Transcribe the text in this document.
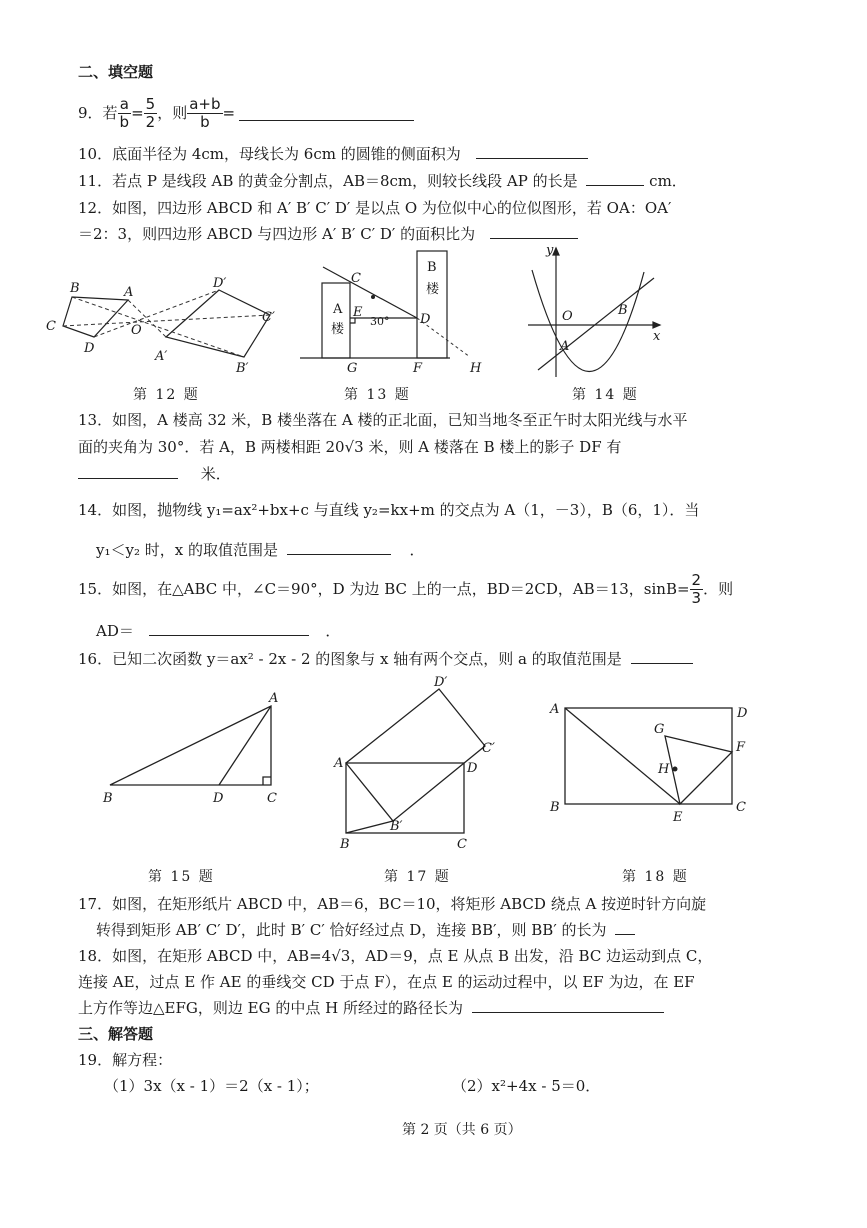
二、填空题
9．若 $\frac{a}{b} = \frac{5}{2}$ ，则 $\frac{a+b}{b}$ =
10．底面半径为 4cm，母线长为 6cm 的圆锥的侧面积为
11．若点 P 是线段 AB 的黄金分割点，AB＝8cm，则较长线段 AP 的长是	cm．
12．如图，四边形 ABCD 和 A′ B′ C′ D′ 是以点 O 为位似中心的位似图形，若 OA：OA′
＝2：3，则四边形 ABCD 与四边形 A′ B′ C′ D′ 的面积比为
B	A
C
D
O
D′
C′
A′
B′
第 12 题
A
楼
B
楼
C
E
30° D
G	F	H
第 13 题
y
x
O
A
B
第 14 题
13．如图，A 楼高 32 米，B 楼坐落在 A 楼的正北面，已知当地冬至正午时太阳光线与水平
面的夹角为 30°．若 A，B 两楼相距 20√3 米，则 A 楼落在 B 楼上的影子 DF 有
米．
14．如图，抛物线 y₁=ax²+bx+c 与直线 y₂=kx+m 的交点为 A（1，－3），B（6，1）．当
y₁＜y₂ 时，x 的取值范围是	．
15．如图，在△ABC 中，∠C＝90°，D 为边 BC 上的一点，BD＝2CD，AB＝13，$\sin B= \frac{2}{3}$ ．则
AD＝	．
16．已知二次函数 y＝ax² - 2x - 2 的图象与 x 轴有两个交点，则 a 的取值范围是
A
B	D	C
第 15 题
D′
C′
A	D
B′
B	C
第 17 题
A	D
G
F
H
B	C
E
第 18 题
17．如图，在矩形纸片 ABCD 中，AB＝6，BC＝10，将矩形 ABCD 绕点 A 按逆时针方向旋
转得到矩形 AB′ C′ D′，此时 B′ C′ 恰好经过点 D，连接 BB′，则 BB′ 的长为
18．如图，在矩形 ABCD 中，AB=4√3，AD＝9，点 E 从点 B 出发，沿 BC 边运动到点 C，
连接 AE，过点 E 作 AE 的垂线交 CD 于点 F），在点 E 的运动过程中，以 EF 为边，在 EF
上方作等边△EFG，则边 EG 的中点 H 所经过的路径长为
三、解答题
19．解方程：
（1）3x（x - 1）＝2（x - 1）；	（2）x²+4x - 5＝0．
第 2 页（共 6 页）
